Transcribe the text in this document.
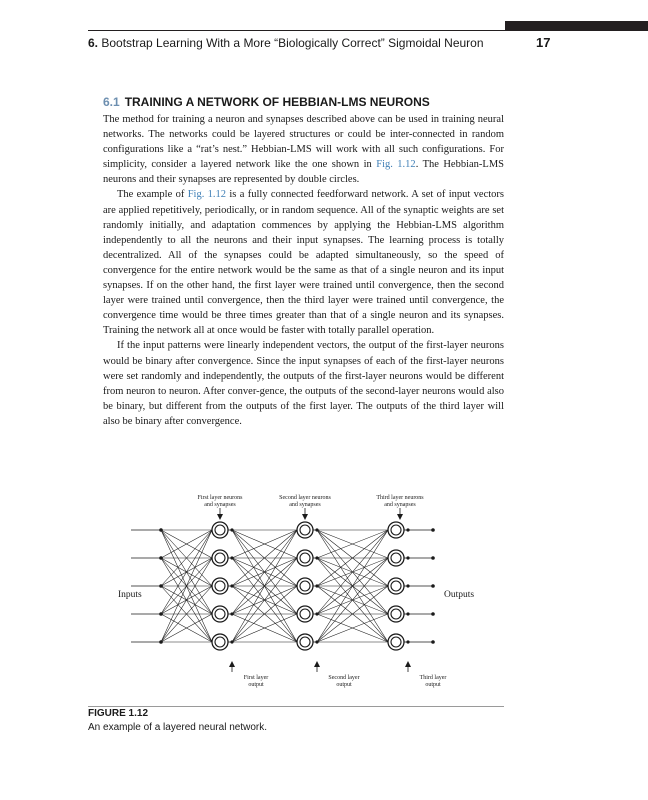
6. Bootstrap Learning With a More “Biologically Correct” Sigmoidal Neuron	17
6.1 TRAINING A NETWORK OF HEBBIAN-LMS NEURONS

The method for training a neuron and synapses described above can be used in training neural networks. The networks could be layered structures or could be inter-connected in random configurations like a “rat’s nest.” Hebbian-LMS will work with all such configurations. For simplicity, consider a layered network like the one shown in Fig. 1.12. The Hebbian-LMS neurons and their synapses are represented by double circles.

The example of Fig. 1.12 is a fully connected feedforward network. A set of input vectors are applied repetitively, periodically, or in random sequence. All of the synaptic weights are set randomly initially, and adaptation commences by applying the Hebbian-LMS algorithm independently to all the neurons and their input synapses. The learning process is totally decentralized. All of the synapses could be adapted simultaneously, so the speed of convergence for the entire network would be the same as that of a single neuron and its input synapses. If on the other hand, the first layer were trained until convergence, then the second layer were trained until convergence, then the third layer were trained until convergence, the convergence time would be three times greater than that of a single neuron and its synapses. Training the network all at once would be faster with totally parallel operation.

If the input patterns were linearly independent vectors, the output of the first-layer neurons would be binary after convergence. Since the input synapses of each of the first-layer neurons were set randomly and independently, the outputs of the first-layer neurons would be different from neuron to neuron. After conver-gence, the outputs of the second-layer neurons would also be binary, but different from the outputs of the first layer. The outputs of the third layer will also be binary after convergence.

First layer neurons
and synapses
Second layer neurons
and synapses
Third layer neurons
and synapses
First layer
output
Second layer
output
Third layer
output
Inputs	Outputs
FIGURE 1.12
An example of a layered neural network.
